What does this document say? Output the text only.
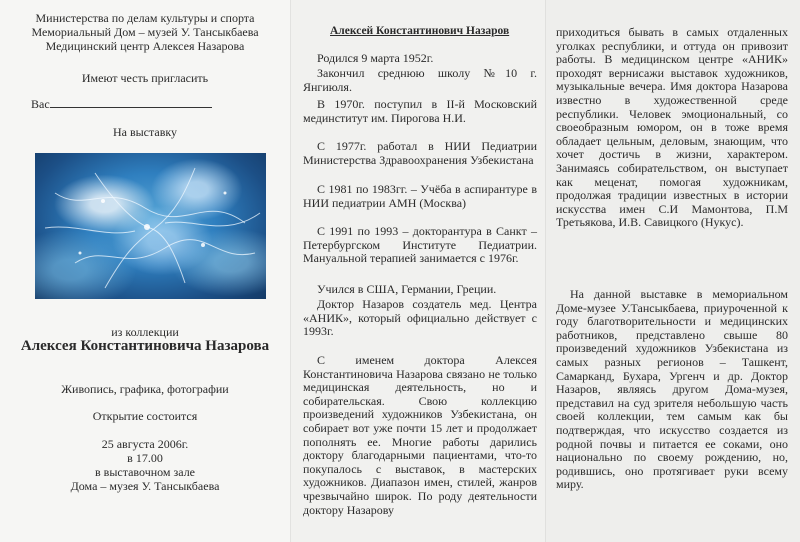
Министерства по делам культуры и спорта
Мемориальный Дом – музей У. Тансыкбаева
Медицинский центр Алексея Назарова
Имеют честь пригласить
Вас
На выставку
из коллекции
Алексея Константиновича Назарова
Живопись, графика, фотографии
Открытие состоится
25 августа 2006г.
в 17.00
в выставочном зале
Дома – музея У. Тансыкбаева
Алексей Константинович Назаров
Родился 9 марта 1952г.
Закончил среднюю школу №10 г. Янгиюля.
В 1970г. поступил в II-й Московский мединститут им. Пирогова Н.И.
С 1977г. работал в НИИ Педиатрии Министерства Здравоохранения Узбекистана
С 1981 по 1983гг. – Учёба в аспирантуре в НИИ педиатрии АМН (Москва)
С 1991 по 1993 – докторантура в Санкт – Петербургском Институте Педиатрии. Мануальной терапией занимается с 1976г.
Учился в США, Германии, Греции.
Доктор Назаров создатель мед. Центра «АНИК», который официально действует с 1993г.
С именем доктора Алексея Константиновича Назарова связано не только медицинская деятельность, но и собирательская. Свою коллекцию произведений художников Узбекистана, он собирает вот уже почти 15 лет и продолжает пополнять ее. Многие работы дарились доктору благодарными пациентами, что-то покупалось с выставок, в мастерских художников. Диапазон имен, стилей, жанров чрезвычайно широк. По роду деятельности доктору Назарову
приходиться бывать в самых отдаленных уголках республики, и оттуда он привозит работы. В медицинском центре «АНИК» проходят вернисажи выставок художников, музыкальные вечера. Имя доктора Назарова известно в художественной среде республики. Человек эмоциональный, со своеобразным юмором, он в тоже время обладает цельным, деловым, знающим, что хочет достичь в жизни, характером. Занимаясь собирательством, он выступает как меценат, помогая художникам, продолжая традиции известных в истории искусства имен С.И Мамонтова, П.М Третьякова, И.В. Савицкого (Нукус).
На данной выставке в мемориальном Доме-музее У.Тансыкбаева, приуроченной к году благотворительности и медицинских работников, представлено свыше 80 произведений художников Узбекистана из самых разных регионов – Ташкент, Самарканд, Бухара, Ургенч и др. Доктор Назаров, являясь другом Дома-музея, представил на суд зрителя небольшую часть своей коллекции, тем самым как бы подтверждая, что искусство создается из родной почвы и питается ее соками, оно национально по своему рождению, но, родившись, оно протягивает руки всему миру.
